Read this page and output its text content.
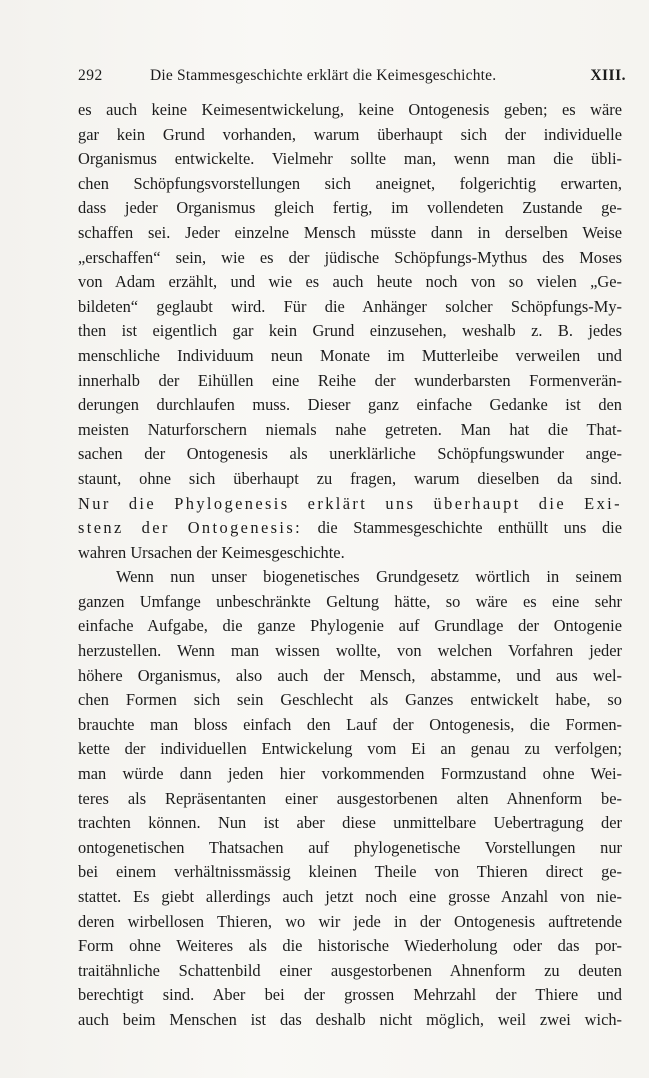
292	Die Stammesgeschichte erklärt die Keimesgeschichte.	XIII.
es auch keine Keimesentwickelung, keine Ontogenesis geben; es wäre
gar kein Grund vorhanden, warum überhaupt sich der individuelle
Organismus entwickelte. Vielmehr sollte man, wenn man die übli-
chen Schöpfungsvorstellungen sich aneignet, folgerichtig erwarten,
dass jeder Organismus gleich fertig, im vollendeten Zustande ge-
schaffen sei. Jeder einzelne Mensch müsste dann in derselben Weise
„erschaffen“ sein, wie es der jüdische Schöpfungs-Mythus des Moses
von Adam erzählt, und wie es auch heute noch von so vielen „Ge-
bildeten“ geglaubt wird. Für die Anhänger solcher Schöpfungs-My-
then ist eigentlich gar kein Grund einzusehen, weshalb z. B. jedes
menschliche Individuum neun Monate im Mutterleibe verweilen und
innerhalb der Eihüllen eine Reihe der wunderbarsten Formenverän-
derungen durchlaufen muss. Dieser ganz einfache Gedanke ist den
meisten Naturforschern niemals nahe getreten. Man hat die That-
sachen der Ontogenesis als unerklärliche Schöpfungswunder ange-
staunt, ohne sich überhaupt zu fragen, warum dieselben da sind.
Nur die Phylogenesis erklärt uns überhaupt die Exi-
stenz der Ontogenesis: die Stammesgeschichte enthüllt uns die
wahren Ursachen der Keimesgeschichte.
Wenn nun unser biogenetisches Grundgesetz wörtlich in seinem
ganzen Umfange unbeschränkte Geltung hätte, so wäre es eine sehr
einfache Aufgabe, die ganze Phylogenie auf Grundlage der Ontogenie
herzustellen. Wenn man wissen wollte, von welchen Vorfahren jeder
höhere Organismus, also auch der Mensch, abstamme, und aus wel-
chen Formen sich sein Geschlecht als Ganzes entwickelt habe, so
brauchte man bloss einfach den Lauf der Ontogenesis, die Formen-
kette der individuellen Entwickelung vom Ei an genau zu verfolgen;
man würde dann jeden hier vorkommenden Formzustand ohne Wei-
teres als Repräsentanten einer ausgestorbenen alten Ahnenform be-
trachten können. Nun ist aber diese unmittelbare Uebertragung der
ontogenetischen Thatsachen auf phylogenetische Vorstellungen nur
bei einem verhältnissmässig kleinen Theile von Thieren direct ge-
stattet. Es giebt allerdings auch jetzt noch eine grosse Anzahl von nie-
deren wirbellosen Thieren, wo wir jede in der Ontogenesis auftretende
Form ohne Weiteres als die historische Wiederholung oder das por-
traitähnliche Schattenbild einer ausgestorbenen Ahnenform zu deuten
berechtigt sind. Aber bei der grossen Mehrzahl der Thiere und
auch beim Menschen ist das deshalb nicht möglich, weil zwei wich-
